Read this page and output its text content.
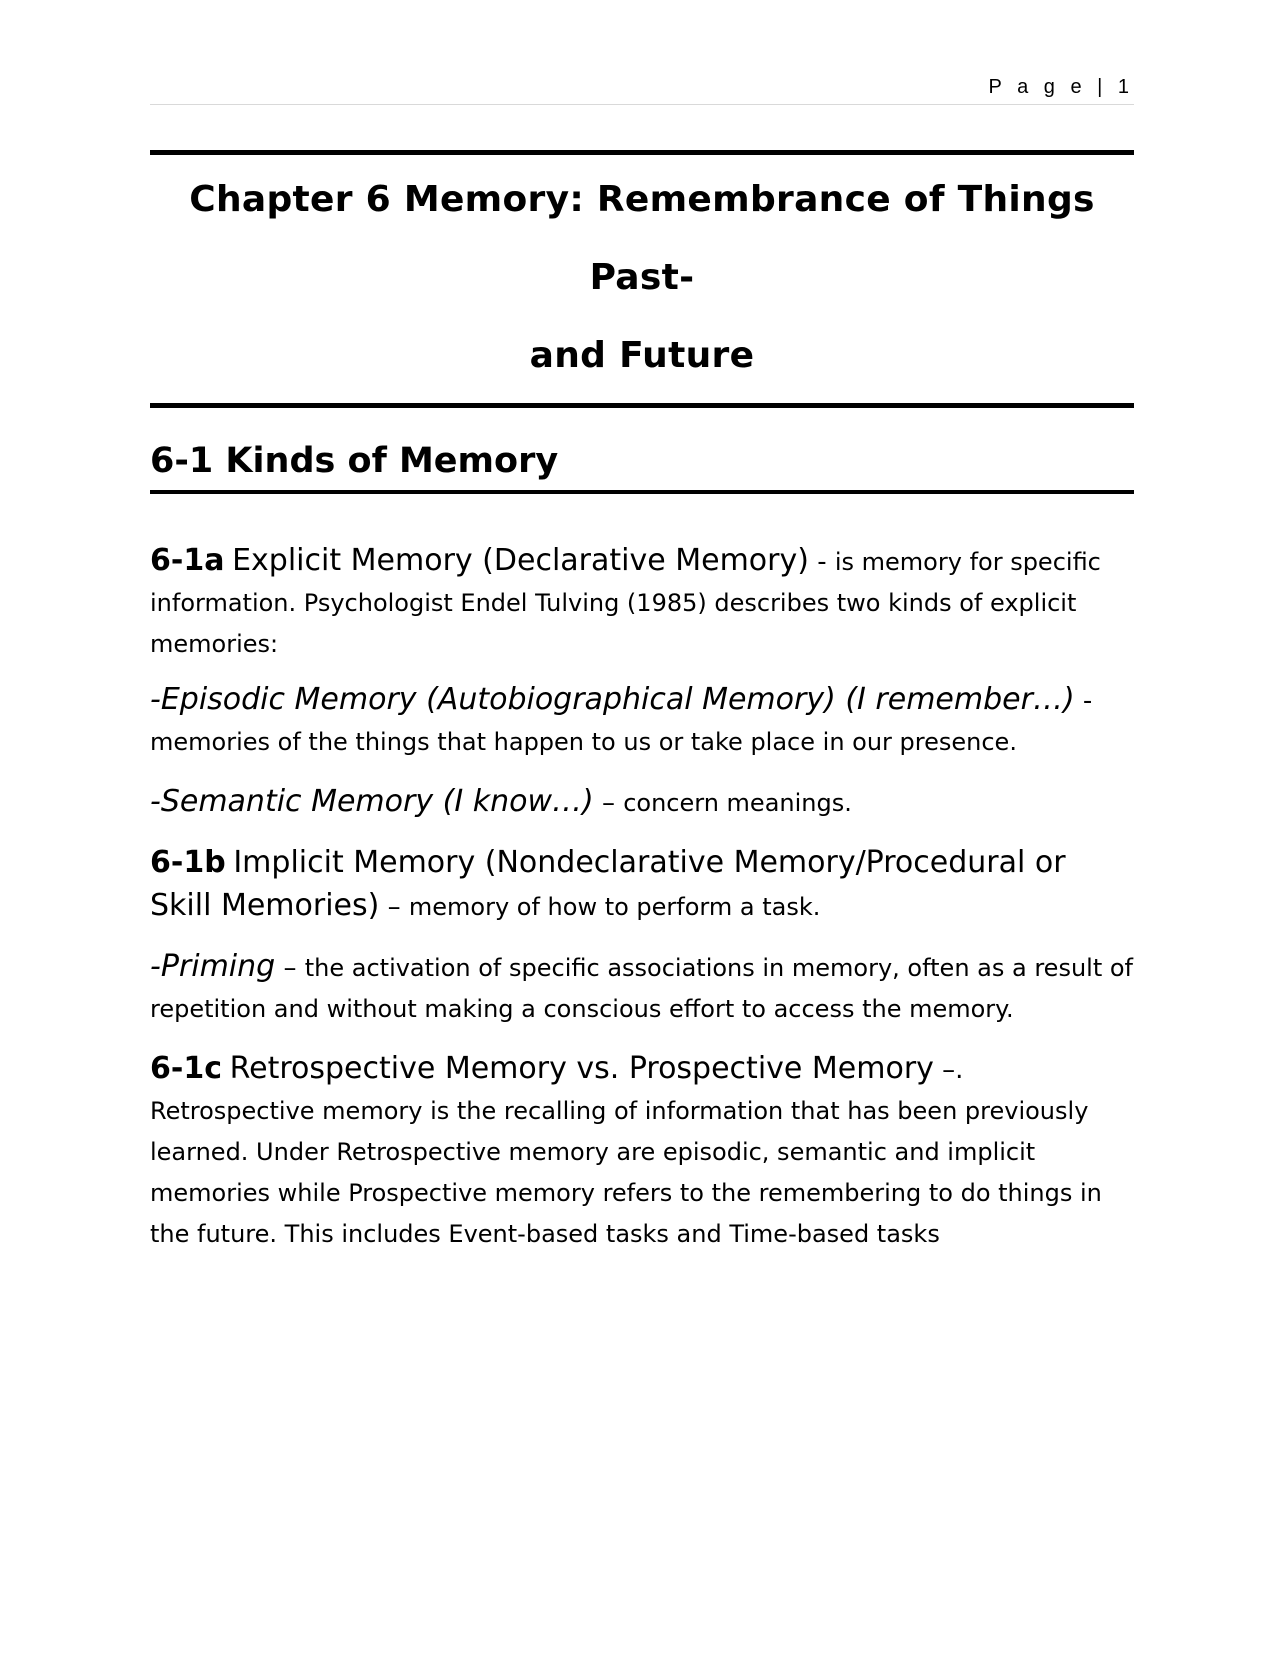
P a g e | 1
Chapter 6 Memory: Remembrance of Things Past-
and Future
6-1 Kinds of Memory

6-1a Explicit Memory (Declarative Memory) - is memory for specific information. Psychologist Endel Tulving (1985) describes two kinds of explicit memories:

-Episodic Memory (Autobiographical Memory) (I remember…) - memories of the things that happen to us or take place in our presence.

-Semantic Memory (I know…) – concern meanings.

6-1b Implicit Memory (Nondeclarative Memory/Procedural or Skill Memories) – memory of how to perform a task.

-Priming – the activation of specific associations in memory, often as a result of repetition and without making a conscious effort to access the memory.

6-1c Retrospective Memory vs. Prospective Memory –. Retrospective memory is the recalling of information that has been previously learned. Under Retrospective memory are episodic, semantic and implicit memories while Prospective memory refers to the remembering to do things in the future. This includes Event-based tasks and Time-based tasks
